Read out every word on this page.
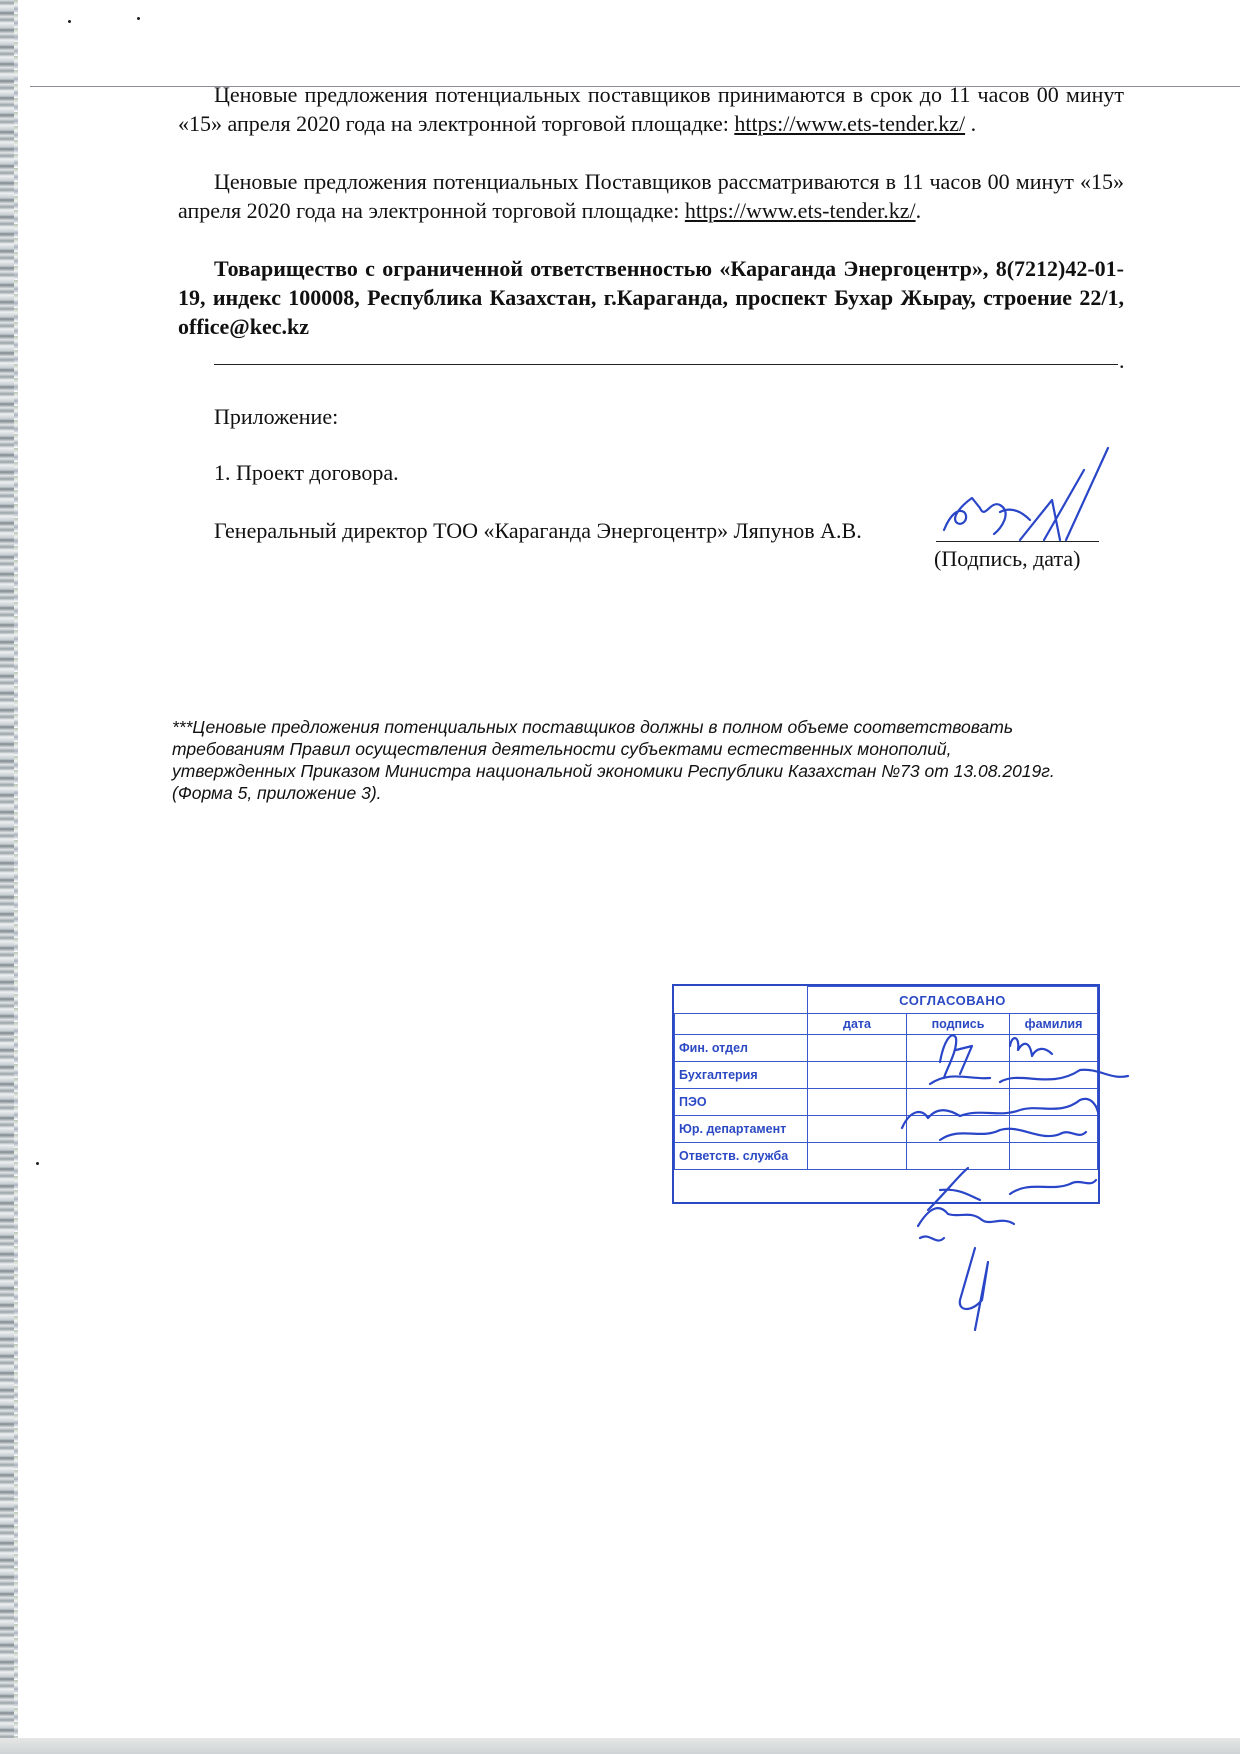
Ценовые предложения потенциальных поставщиков принимаются в срок до 11 часов 00 минут «15» апреля 2020 года на электронной торговой площадке: https://www.ets-tender.kz/ .

Ценовые предложения потенциальных Поставщиков рассматриваются в 11 часов 00 минут «15» апреля 2020 года на электронной торговой площадке: https://www.ets-tender.kz/.

Товарищество с ограниченной ответственностью «Караганда Энергоцентр», 8(7212)42-01-19, индекс 100008, Республика Казахстан, г.Караганда, проспект Бухар Жырау, строение 22/1, office@kec.kz

.
Приложение:
1. Проект договора.
Генеральный директор ТОО «Караганда Энергоцентр» Ляпунов А.В.
(Подпись, дата)
***Ценовые предложения потенциальных поставщиков должны в полном объеме соответствовать требованиям Правил осуществления деятельности субъектами естественных монополий, утвержденных Приказом Министра национальной экономики Республики Казахстан №73 от 13.08.2019г. (Форма 5, приложение 3).
	СОГЛАСОВАНО		
	дата	подпись	фамилия
Фин. отдел			
Бухгалтерия			
ПЭО			
Юр. департамент			
Ответств. служба			
